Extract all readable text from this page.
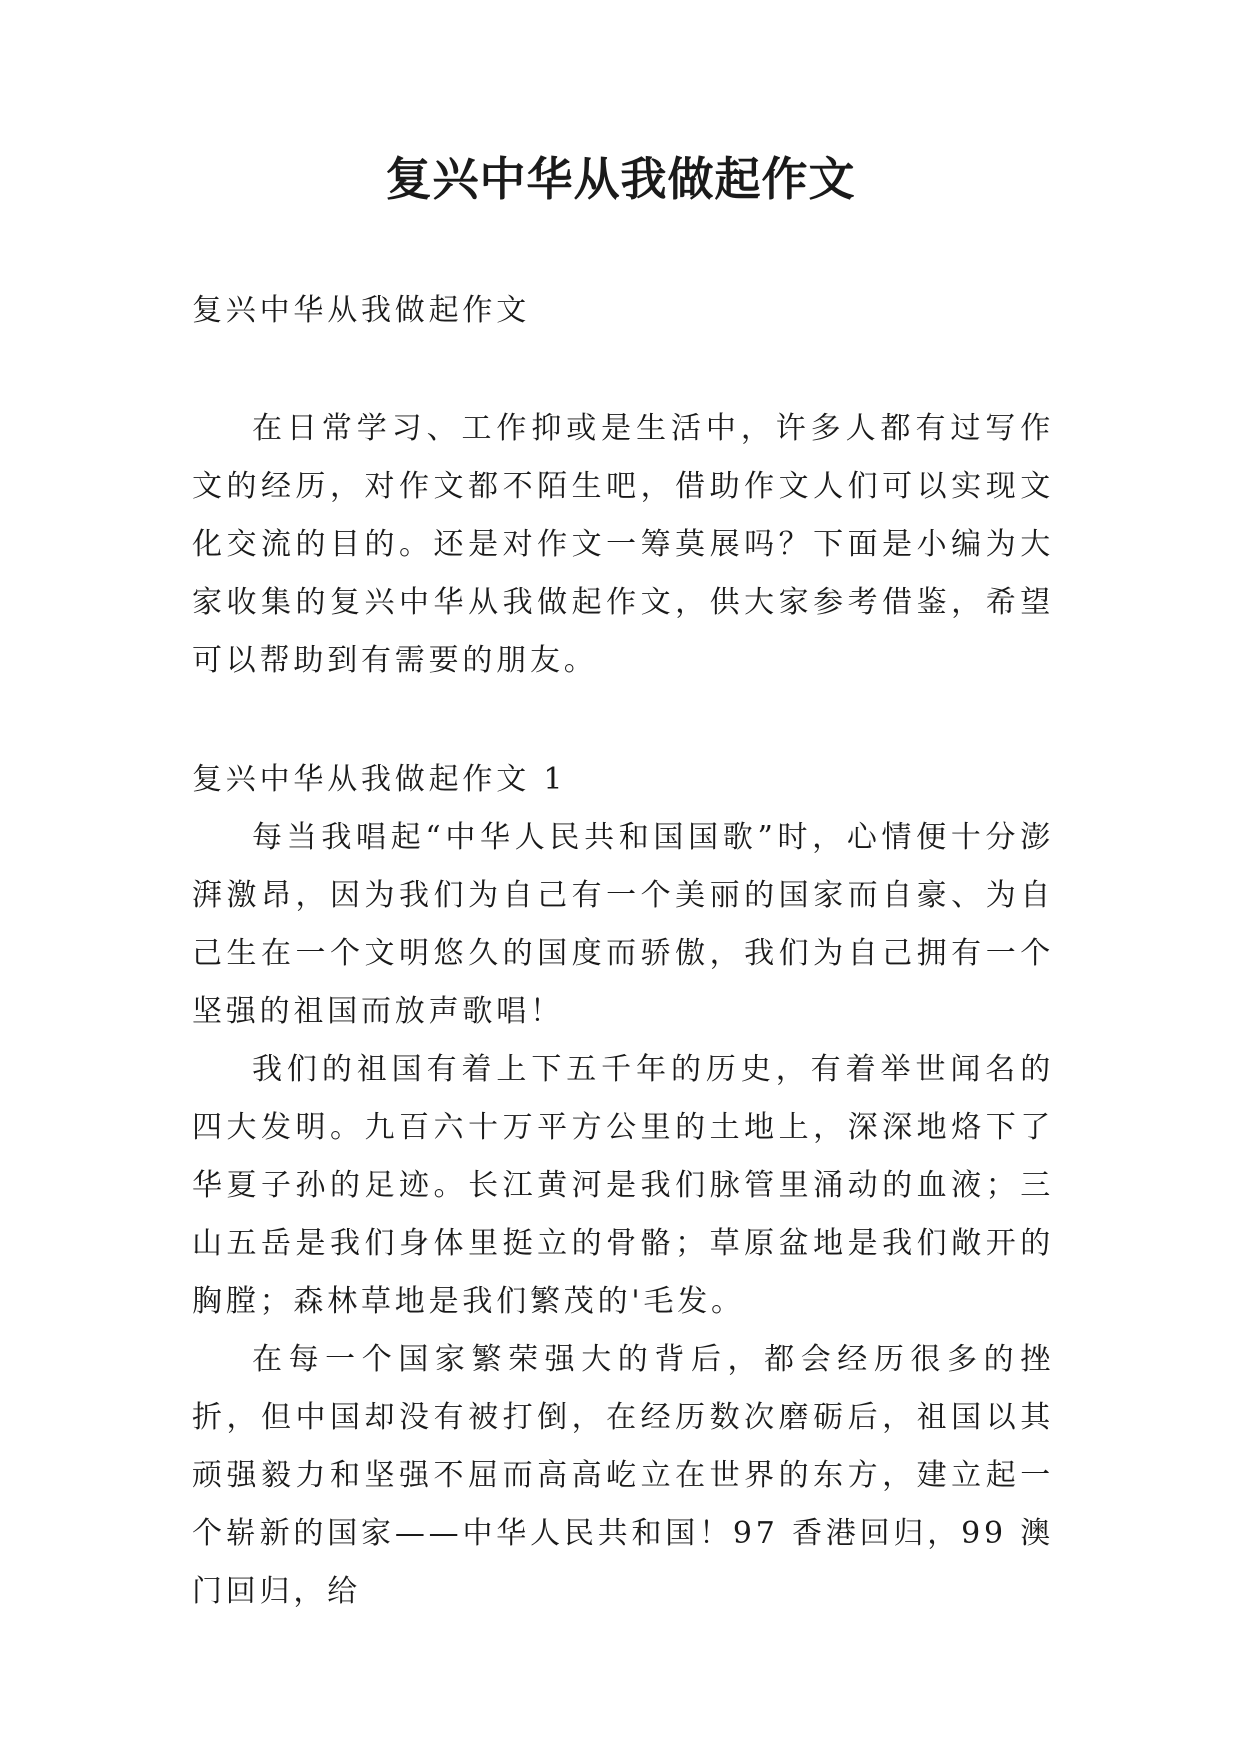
复兴中华从我做起作文

复兴中华从我做起作文

在日常学习、工作抑或是生活中，许多人都有过写作文的经历，对作文都不陌生吧，借助作文人们可以实现文化交流的目的。还是对作文一筹莫展吗？下面是小编为大家收集的复兴中华从我做起作文，供大家参考借鉴，希望可以帮助到有需要的朋友。

复兴中华从我做起作文 1

每当我唱起“中华人民共和国国歌”时，心情便十分澎湃激昂，因为我们为自己有一个美丽的国家而自豪、为自己生在一个文明悠久的国度而骄傲，我们为自己拥有一个坚强的祖国而放声歌唱！

我们的祖国有着上下五千年的历史，有着举世闻名的四大发明。九百六十万平方公里的土地上，深深地烙下了华夏子孙的足迹。长江黄河是我们脉管里涌动的血液；三山五岳是我们身体里挺立的骨骼；草原盆地是我们敞开的胸膛；森林草地是我们繁茂的'毛发。

在每一个国家繁荣强大的背后，都会经历很多的挫折，但中国却没有被打倒，在经历数次磨砺后，祖国以其顽强毅力和坚强不屈而高高屹立在世界的东方，建立起一个崭新的国家——中华人民共和国！97 香港回归，99 澳门回归，给
